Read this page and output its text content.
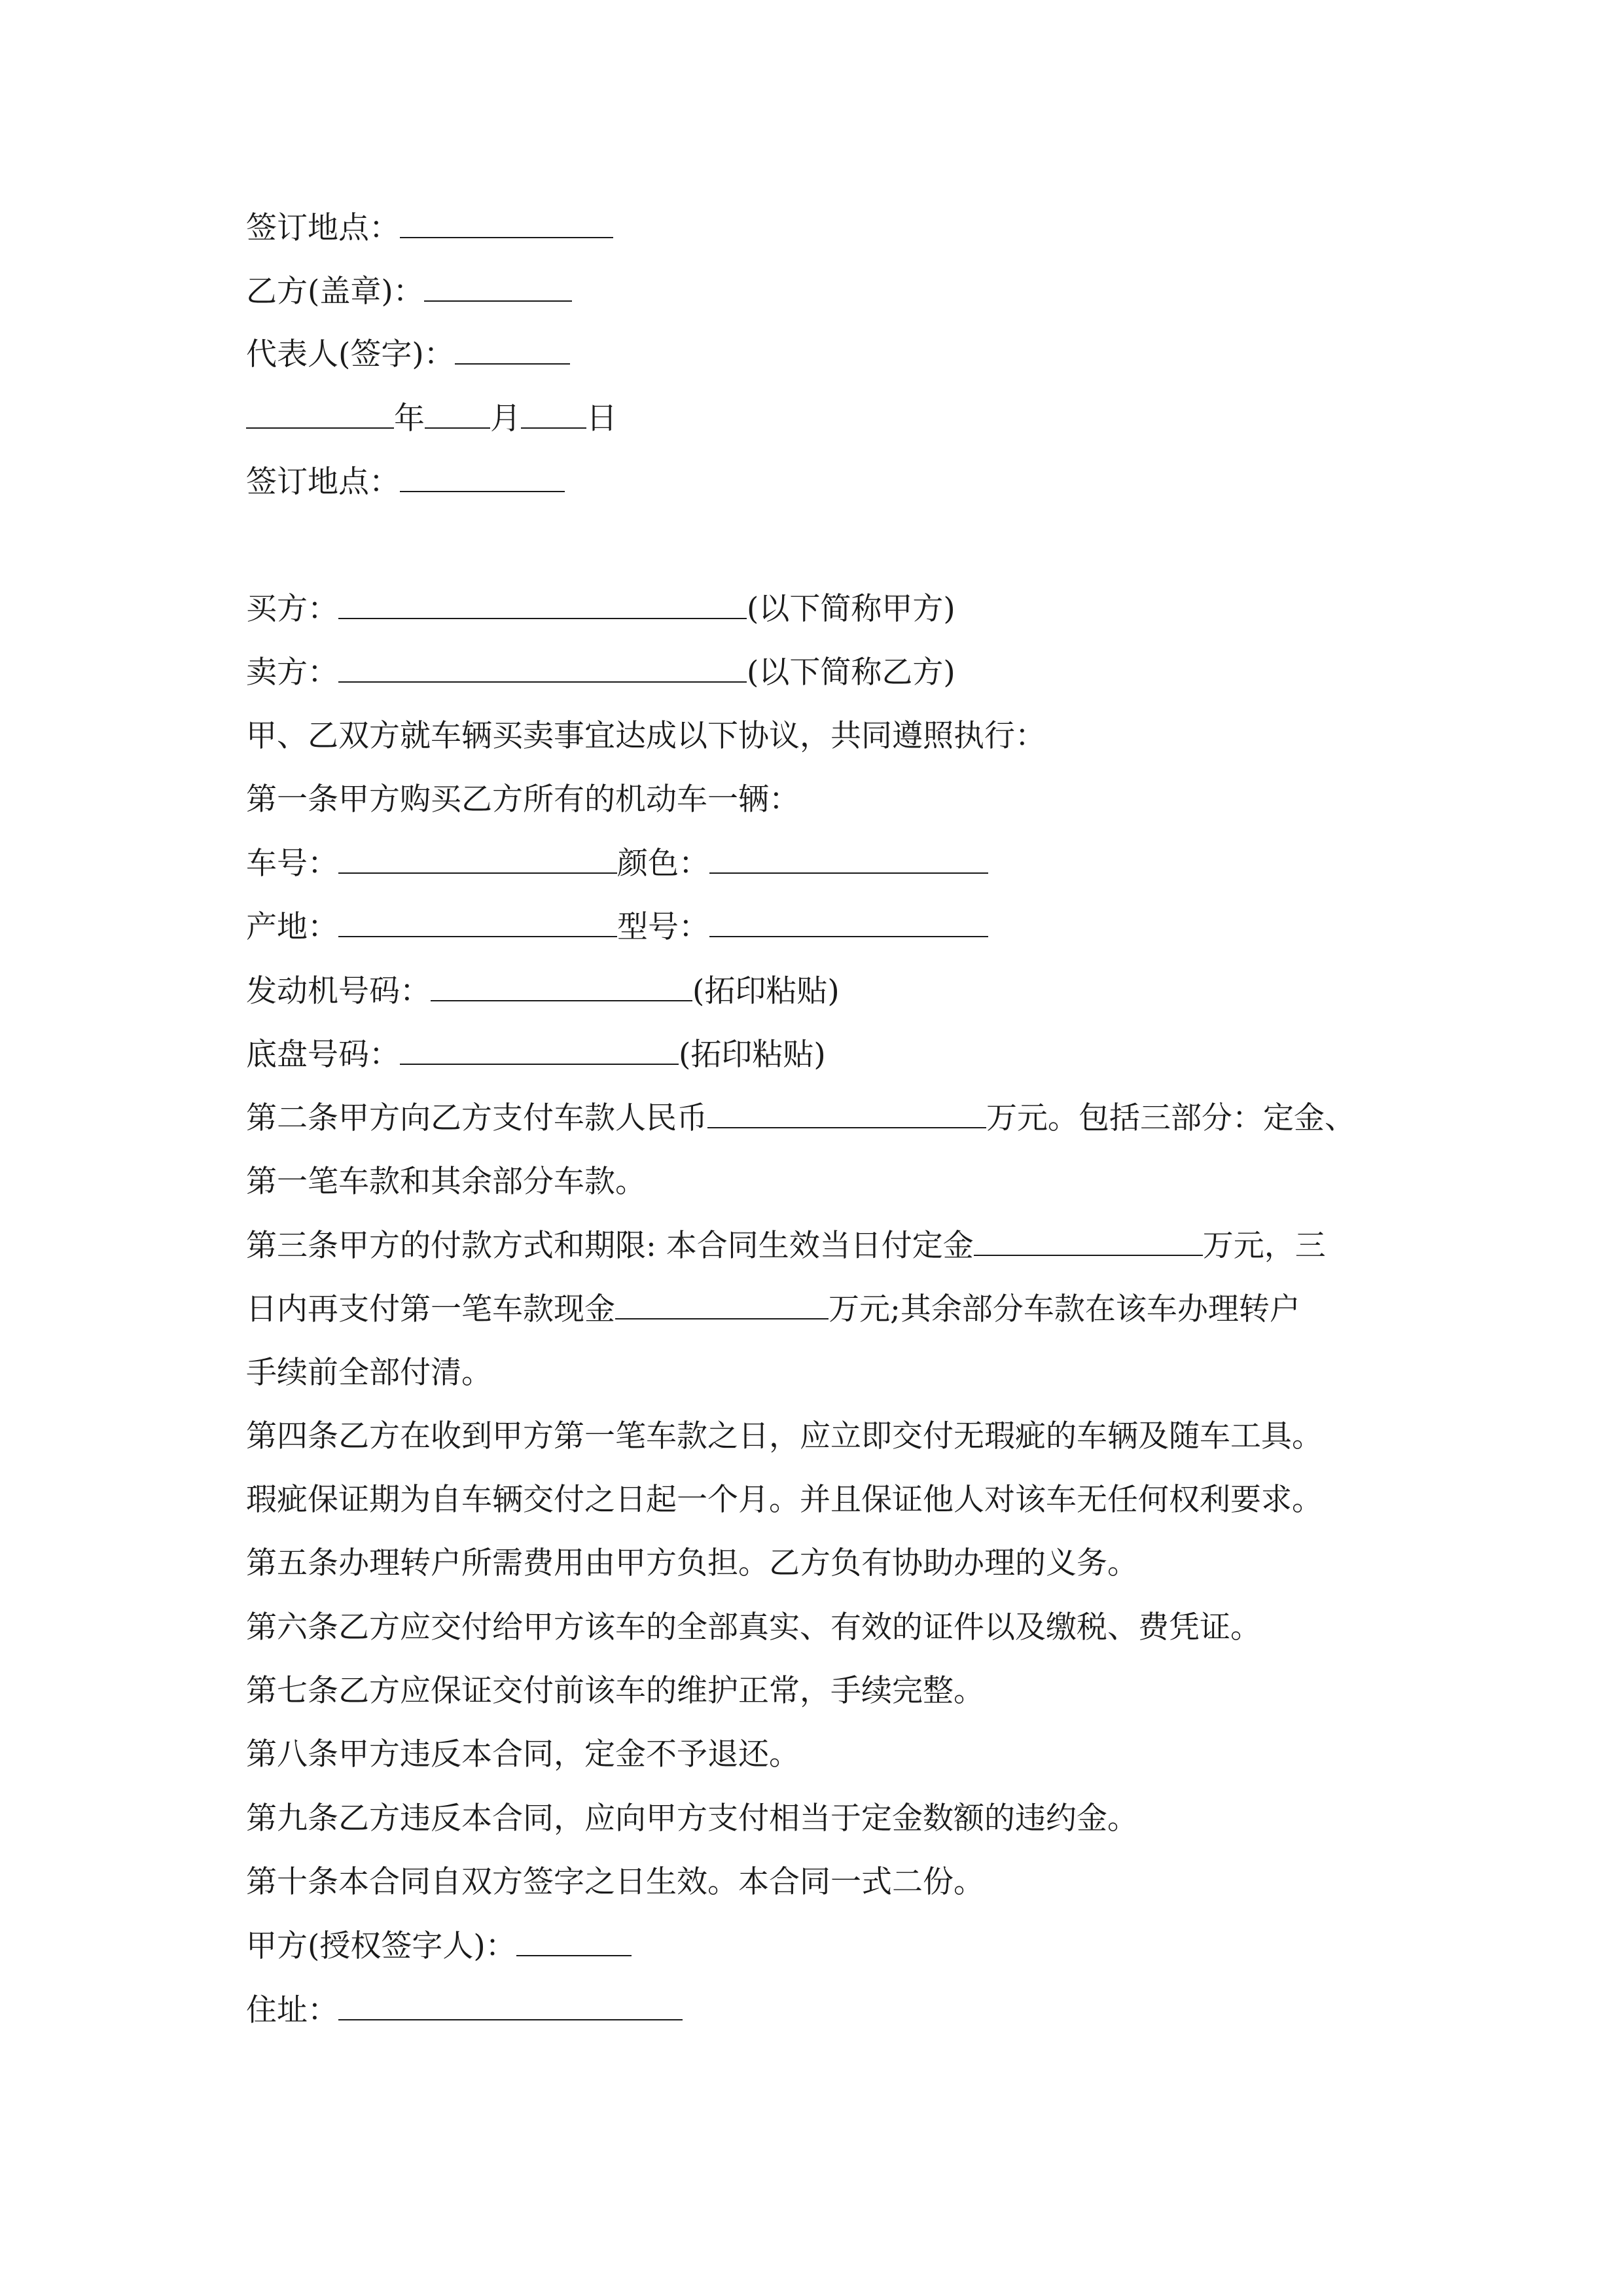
签订地点：
乙方(盖章)：
代表人(签字)：
年 月 日
签订地点：
买方：	(以下简称甲方)
卖方：	(以下简称乙方)
甲、乙双方就车辆买卖事宜达成以下协议，共同遵照执行：
第一条甲方购买乙方所有的机动车一辆：
车号：	颜色：
产地：	型号：
发动机号码：	(拓印粘贴)
底盘号码：	(拓印粘贴)
第二条甲方向乙方支付车款人民币	万元。包括三部分：定金、
第一笔车款和其余部分车款。
第三条甲方的付款方式和期限: 本合同生效当日付定金	万元，三
日内再支付第一笔车款现金	万元;其余部分车款在该车办理转户
手续前全部付清。
第四条乙方在收到甲方第一笔车款之日，应立即交付无瑕疵的车辆及随车工具。
瑕疵保证期为自车辆交付之日起一个月。并且保证他人对该车无任何权利要求。
第五条办理转户所需费用由甲方负担。乙方负有协助办理的义务。
第六条乙方应交付给甲方该车的全部真实、有效的证件以及缴税、费凭证。
第七条乙方应保证交付前该车的维护正常，手续完整。
第八条甲方违反本合同，定金不予退还。
第九条乙方违反本合同，应向甲方支付相当于定金数额的违约金。
第十条本合同自双方签字之日生效。本合同一式二份。
甲方(授权签字人)：
住址：
